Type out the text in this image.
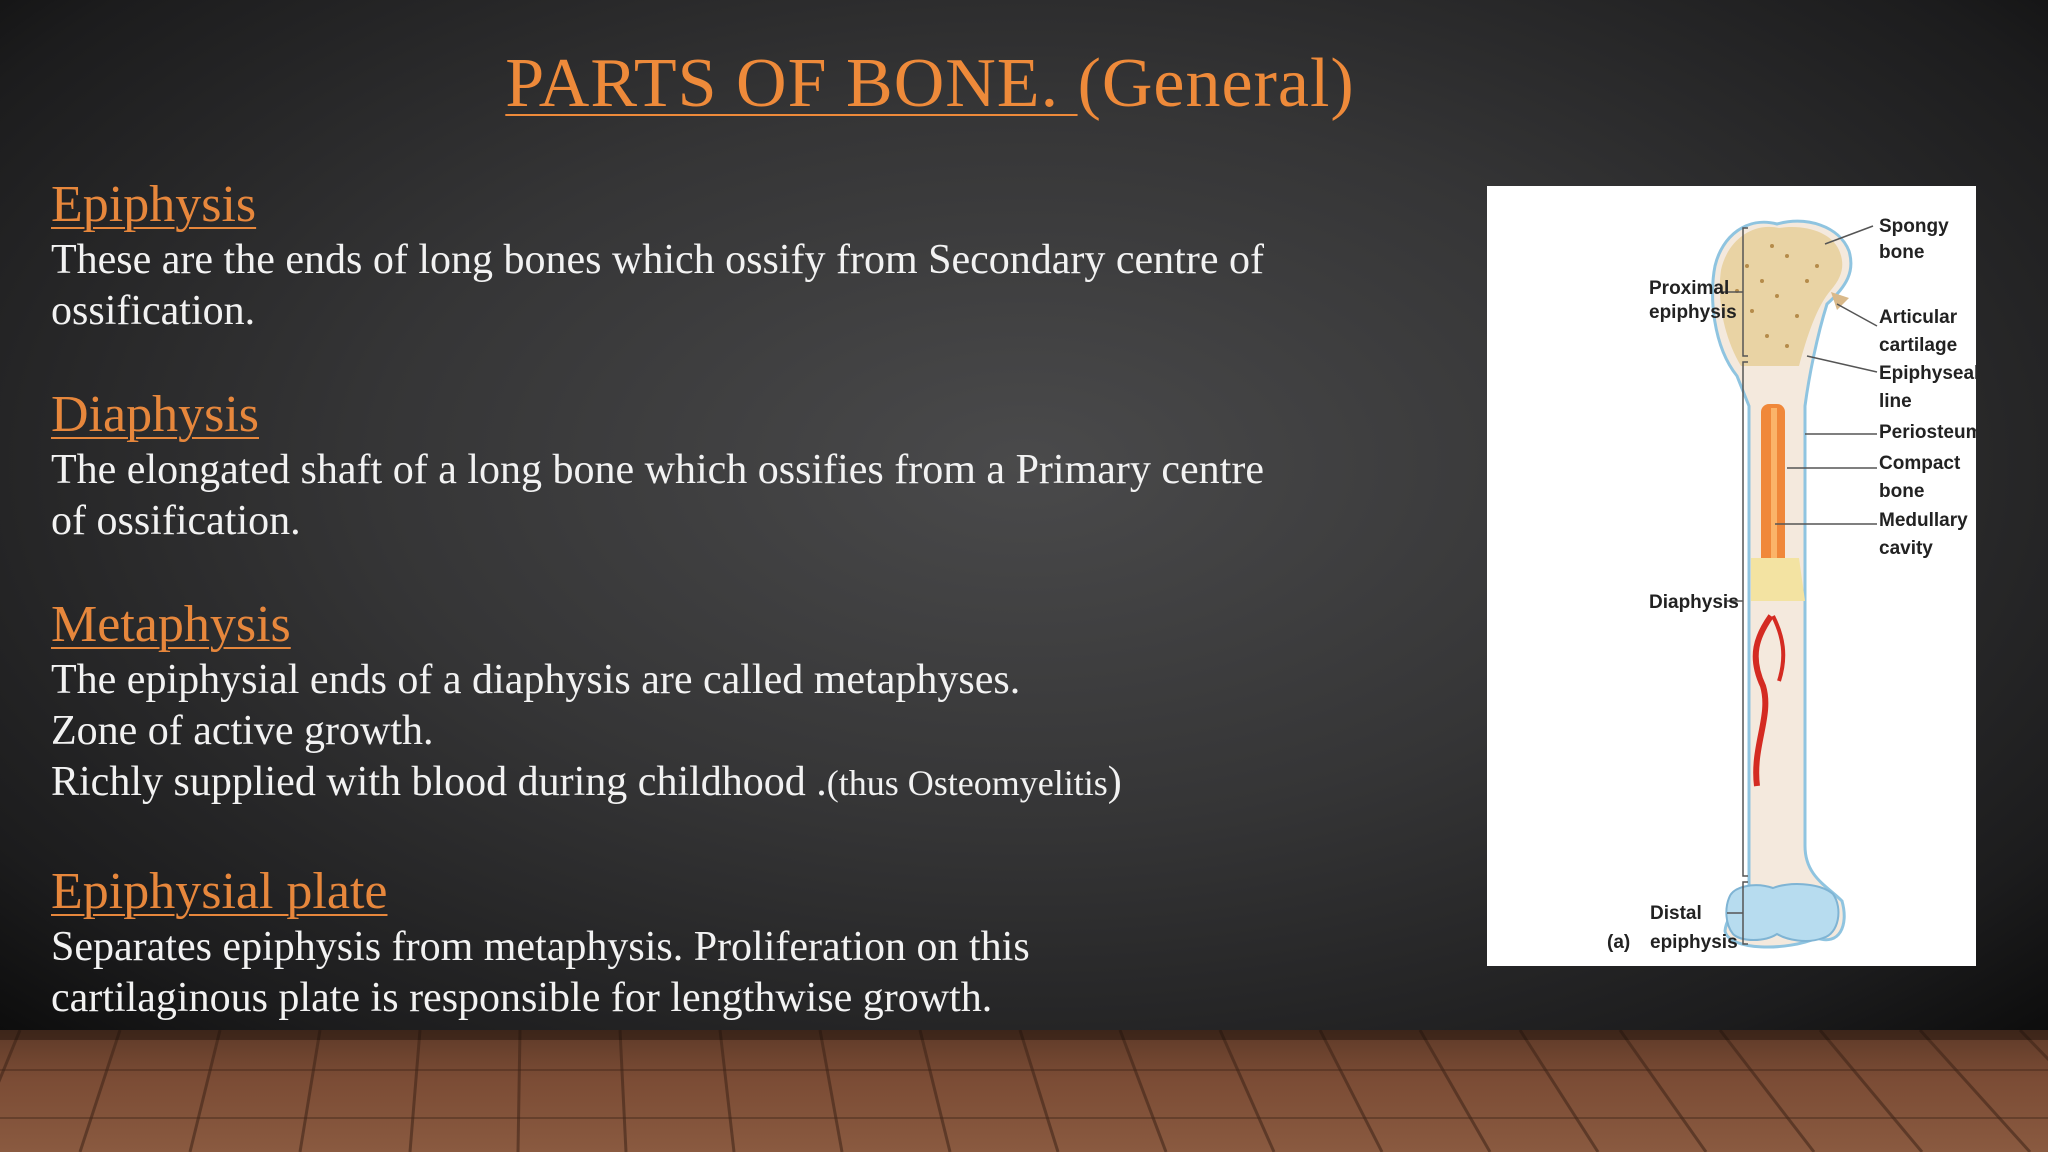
PARTS OF BONE. (General)
Epiphysis
These are the ends of long bones which ossify from Secondary centre of
ossification.
Diaphysis
The elongated shaft of a long bone which ossifies from a Primary centre
of ossification.
Metaphysis
The epiphysial ends of a diaphysis are called metaphyses.
Zone of active growth.
Richly supplied with blood during childhood .(thus Osteomyelitis)
Epiphysial plate
Separates epiphysis from metaphysis. Proliferation on this
cartilaginous plate is responsible for lengthwise growth.
Proximal
epiphysis
Diaphysis
Distal
epiphysis
(a)
Spongy
bone
Articular
cartilage
Epiphyseal
line
Periosteum
Compact
bone
Medullary
cavity
